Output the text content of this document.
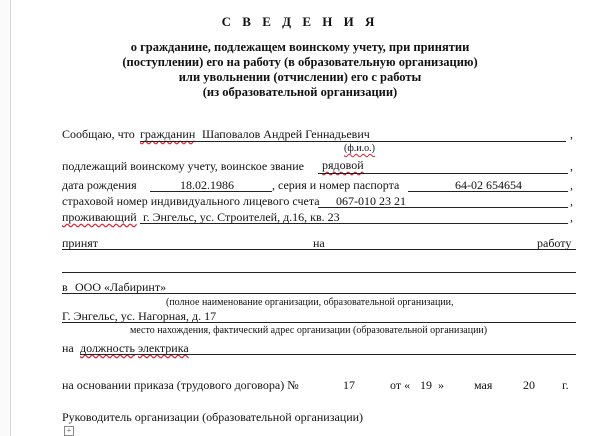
С В Е Д Е Н И Я
о гражданине, подлежащем воинскому учету, при принятии
(поступлении) его на работу (в образовательную организацию)
или увольнении (отчислении) его с работы
(из образовательной организации)
Сообщаю, что гражданин Шаповалов Андрей Геннадьевич	,
(ф.и.о.)
подлежащий воинскому учету, воинское звание рядовой	,
дата рождения	18.02.1986	, серия и номер паспорта	64-02 654654	,
страховой номер индивидуального лицевого счета 067-010 23 21	,
проживающий г. Энгельс, ус. Строителей, д.16, кв. 23	,
принят	на	работу
в ООО «Лабиринт»
(полное наименование организации, образовательной организации,
Г. Энгельс, ус. Нагорная, д. 17
место нахождения, фактический адрес организации (образовательной организации)
на должность электрика
на основании приказа (трудового договора) №	17	от « 19 »	мая	20 г.
Руководитель организации (образовательной организации)
+
